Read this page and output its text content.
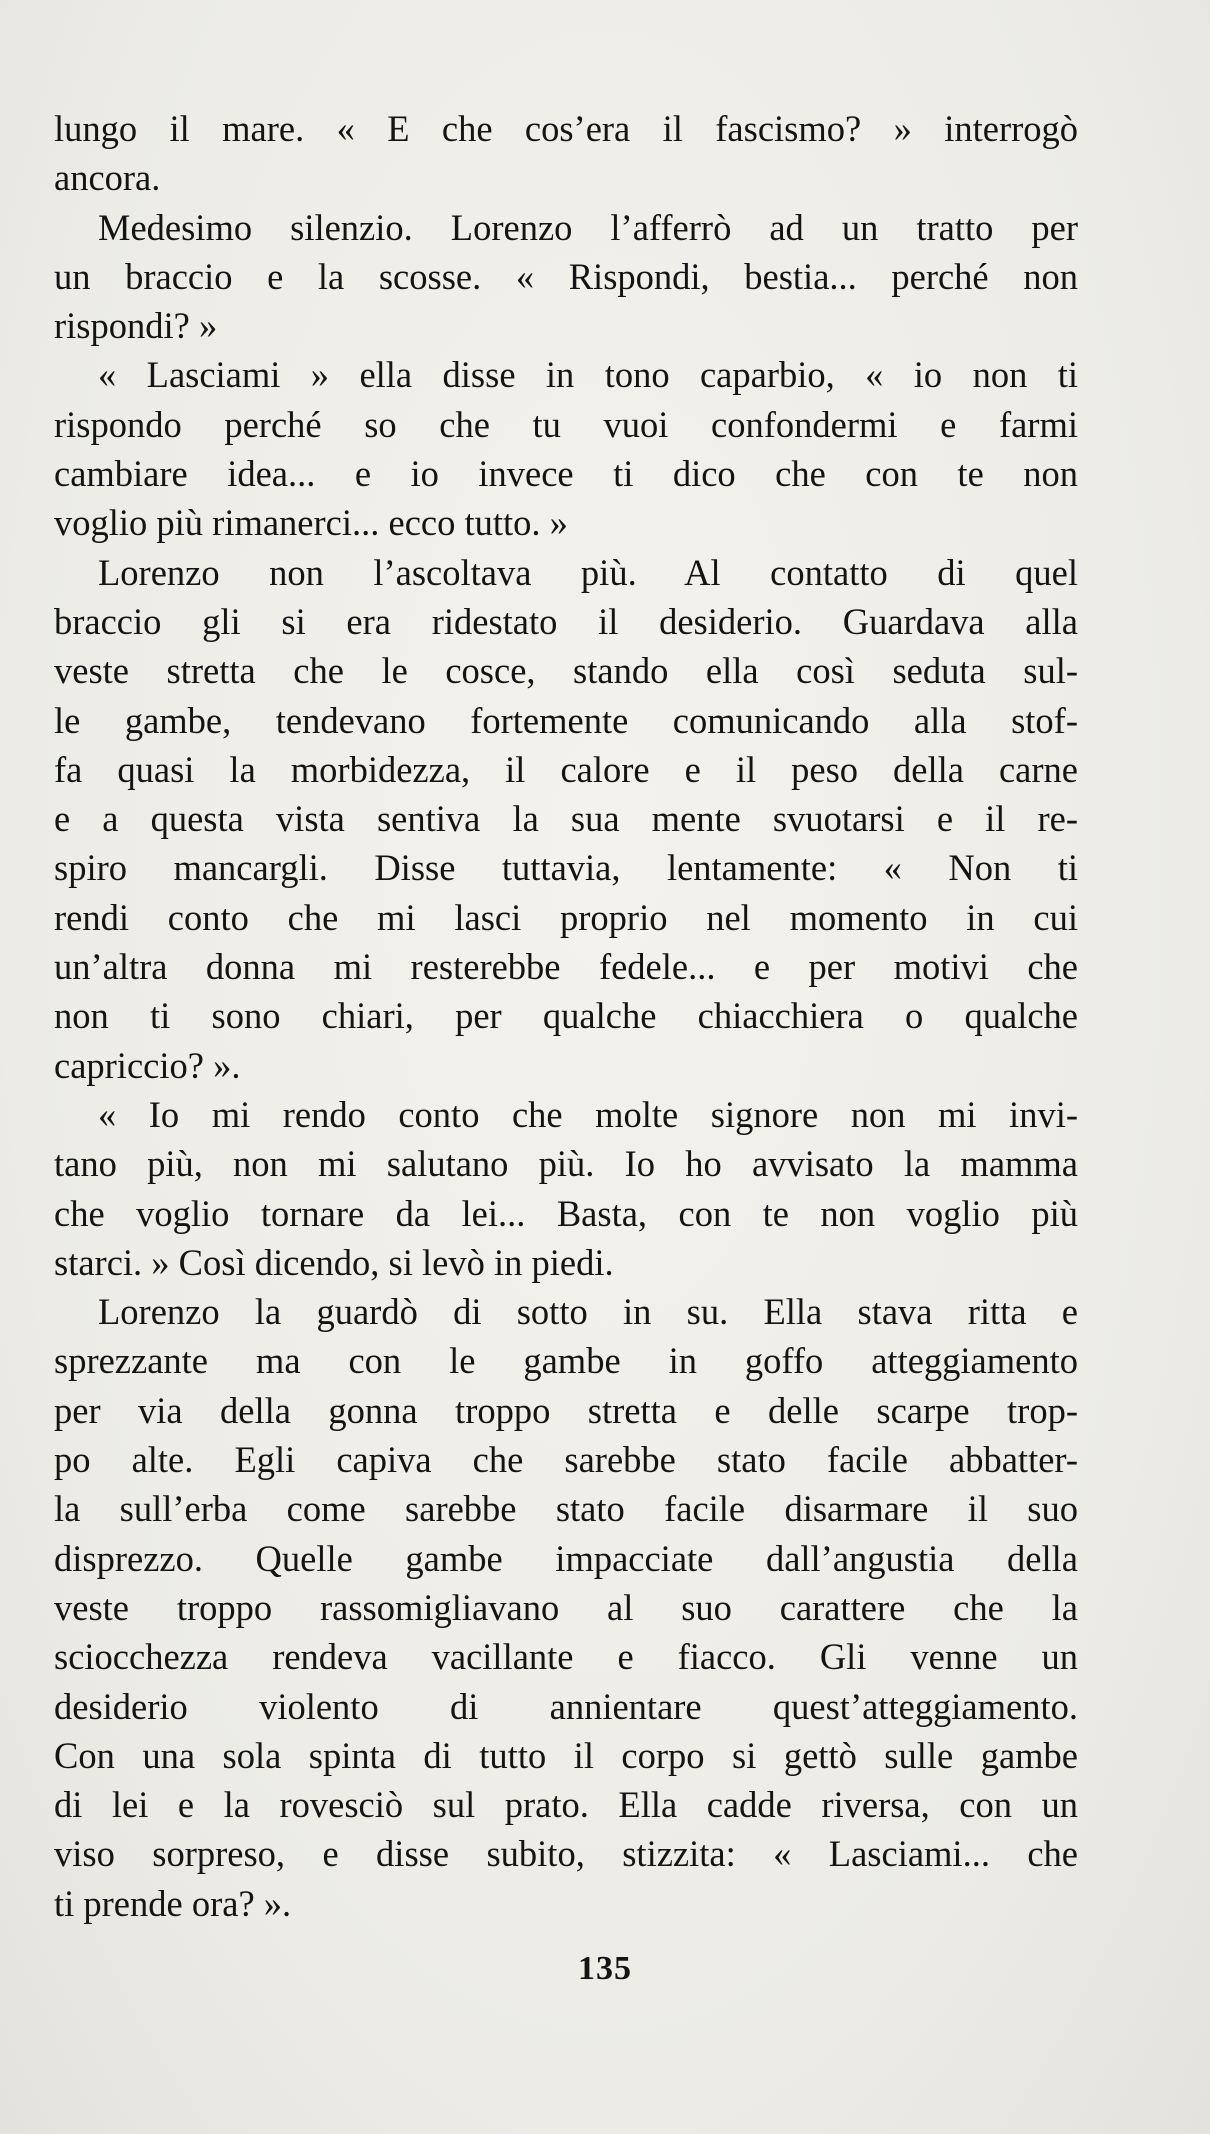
lungo il mare. « E che cos’era il fascismo? » interrogò
ancora.
Medesimo silenzio. Lorenzo l’afferrò ad un tratto per
un braccio e la scosse. « Rispondi, bestia... perché non
rispondi? »
« Lasciami » ella disse in tono caparbio, « io non ti
rispondo perché so che tu vuoi confondermi e farmi
cambiare idea... e io invece ti dico che con te non
voglio più rimanerci... ecco tutto. »
Lorenzo non l’ascoltava più. Al contatto di quel
braccio gli si era ridestato il desiderio. Guardava alla
veste stretta che le cosce, stando ella così seduta sul-
le gambe, tendevano fortemente comunicando alla stof-
fa quasi la morbidezza, il calore e il peso della carne
e a questa vista sentiva la sua mente svuotarsi e il re-
spiro mancargli. Disse tuttavia, lentamente: « Non ti
rendi conto che mi lasci proprio nel momento in cui
un’altra donna mi resterebbe fedele... e per motivi che
non ti sono chiari, per qualche chiacchiera o qualche
capriccio? ».
« Io mi rendo conto che molte signore non mi invi-
tano più, non mi salutano più. Io ho avvisato la mamma
che voglio tornare da lei... Basta, con te non voglio più
starci. » Così dicendo, si levò in piedi.
Lorenzo la guardò di sotto in su. Ella stava ritta e
sprezzante ma con le gambe in goffo atteggiamento
per via della gonna troppo stretta e delle scarpe trop-
po alte. Egli capiva che sarebbe stato facile abbatter-
la sull’erba come sarebbe stato facile disarmare il suo
disprezzo. Quelle gambe impacciate dall’angustia della
veste troppo rassomigliavano al suo carattere che la
sciocchezza rendeva vacillante e fiacco. Gli venne un
desiderio violento di annientare quest’atteggiamento.
Con una sola spinta di tutto il corpo si gettò sulle gambe
di lei e la rovesciò sul prato. Ella cadde riversa, con un
viso sorpreso, e disse subito, stizzita: « Lasciami... che
ti prende ora? ».
135
